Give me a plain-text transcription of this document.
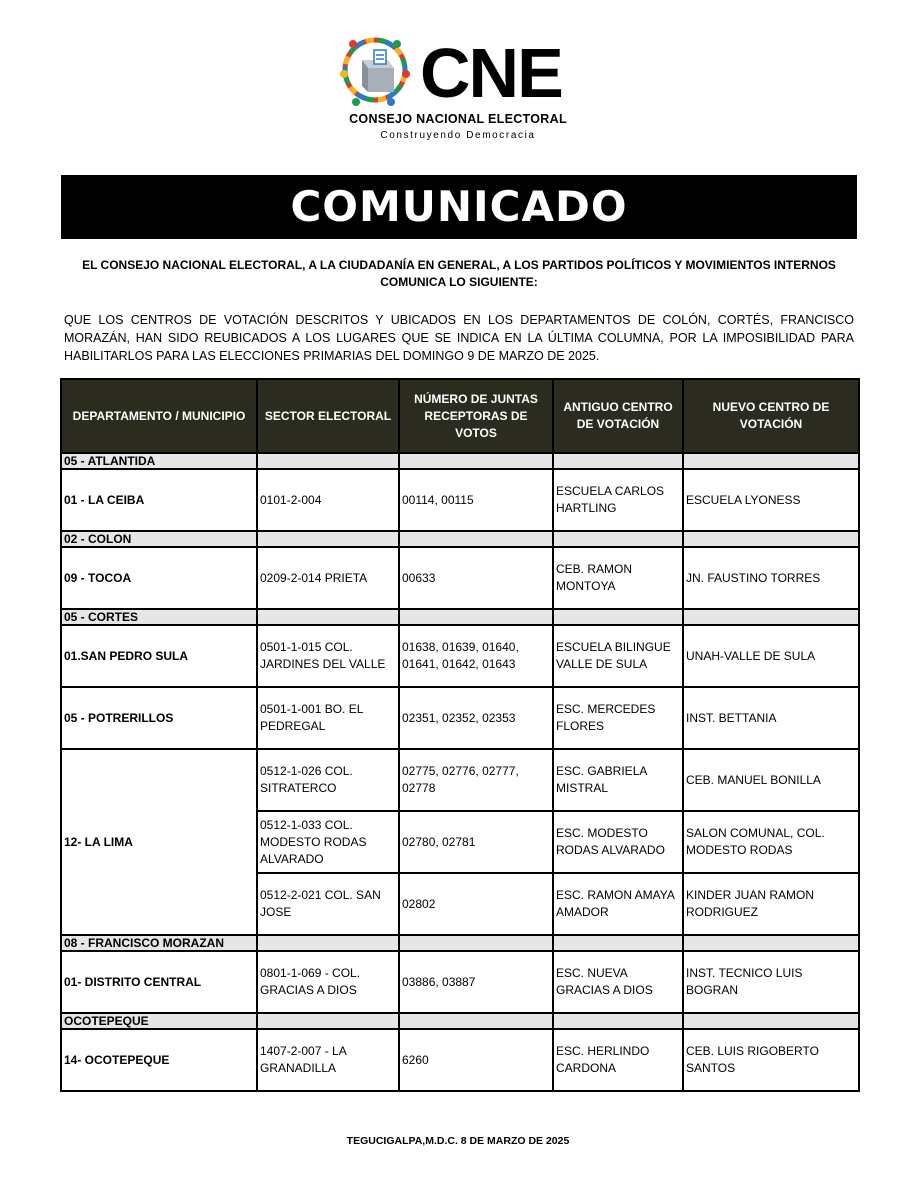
CNE
CONSEJO NACIONAL ELECTORAL
Construyendo Democracia
COMUNICADO
EL CONSEJO NACIONAL ELECTORAL, A LA CIUDADANÍA EN GENERAL, A LOS PARTIDOS POLÍTICOS Y MOVIMIENTOS INTERNOS
COMUNICA LO SIGUIENTE:
QUE LOS CENTROS DE VOTACIÓN DESCRITOS Y UBICADOS EN LOS DEPARTAMENTOS DE COLÓN, CORTÉS, FRANCISCO MORAZÁN, HAN SIDO REUBICADOS A LOS LUGARES QUE SE INDICA EN LA ÚLTIMA COLUMNA, POR LA IMPOSIBILIDAD PARA HABILITARLOS PARA LAS ELECCIONES PRIMARIAS DEL DOMINGO 9 DE MARZO DE 2025.
DEPARTAMENTO / MUNICIPIO	SECTOR ELECTORAL	NÚMERO DE JUNTAS RECEPTORAS DE VOTOS	ANTIGUO CENTRO DE VOTACIÓN	NUEVO CENTRO DE VOTACIÓN
05 - ATLANTIDA				
01 - LA CEIBA	0101-2-004	00114, 00115	ESCUELA CARLOS HARTLING	ESCUELA LYONESS
02 - COLON				
09 - TOCOA	0209-2-014 PRIETA	00633	CEB. RAMON MONTOYA	JN. FAUSTINO TORRES
05 - CORTES				
01.SAN PEDRO SULA	0501-1-015 COL. JARDINES DEL VALLE	01638, 01639, 01640, 01641, 01642, 01643	ESCUELA BILINGUE VALLE DE SULA	UNAH-VALLE DE SULA
05 - POTRERILLOS	0501-1-001 BO. EL PEDREGAL	02351, 02352, 02353	ESC. MERCEDES FLORES	INST. BETTANIA
12- LA LIMA	0512-1-026 COL. SITRATERCO	02775, 02776, 02777, 02778	ESC. GABRIELA MISTRAL	CEB. MANUEL BONILLA
	0512-1-033 COL. MODESTO RODAS ALVARADO	02780, 02781	ESC. MODESTO RODAS ALVARADO	SALON COMUNAL, COL. MODESTO RODAS
	0512-2-021 COL. SAN JOSE	02802	ESC. RAMON AMAYA AMADOR	KINDER JUAN RAMON RODRIGUEZ
08 - FRANCISCO MORAZAN				
01- DISTRITO CENTRAL	0801-1-069 - COL. GRACIAS A DIOS	03886, 03887	ESC. NUEVA GRACIAS A DIOS	INST. TECNICO LUIS BOGRAN
OCOTEPEQUE				
14- OCOTEPEQUE	1407-2-007 - LA GRANADILLA	6260	ESC. HERLINDO CARDONA	CEB. LUIS RIGOBERTO SANTOS
TEGUCIGALPA,M.D.C. 8 DE MARZO DE 2025
